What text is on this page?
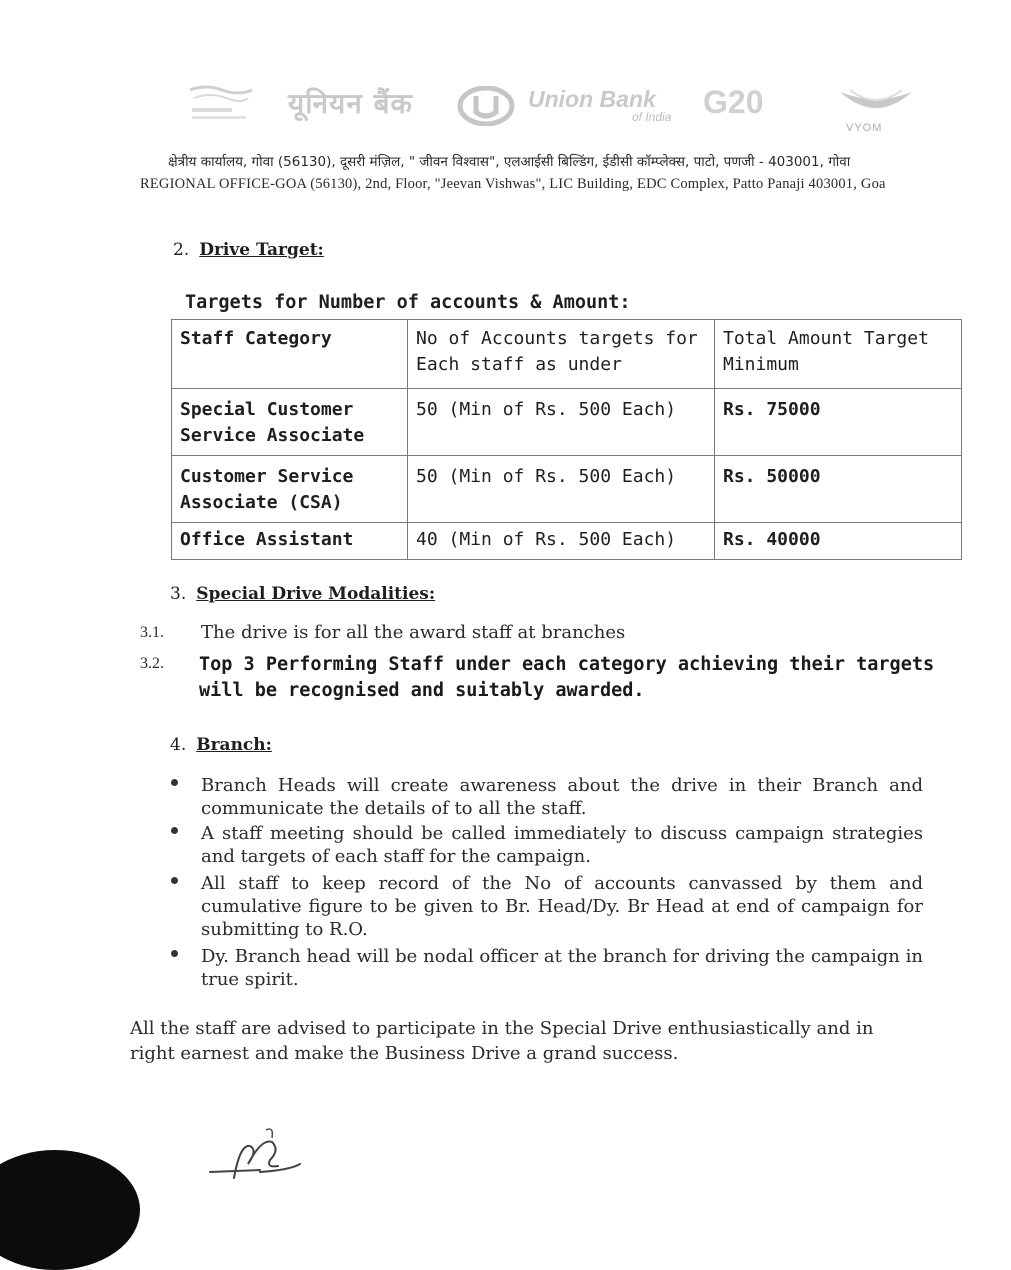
यूनियन बैंक	Union Bank
of India G20
VYOM
क्षेत्रीय कार्यालय, गोवा (56130), दूसरी मंज़िल, " जीवन विश्वास", एलआईसी बिल्डिंग, ईडीसी कॉम्प्लेक्स, पाटो, पणजी - 403001, गोवा
REGIONAL OFFICE-GOA (56130), 2nd, Floor, "Jeevan Vishwas", LIC Building, EDC Complex, Patto Panaji 403001, Goa
2. Drive Target:
Targets for Number of accounts & Amount:
Staff Category	No of Accounts targets for Each staff as under	Total Amount Target Minimum
Special Customer Service Associate	50 (Min of Rs. 500 Each)	Rs. 75000
Customer Service Associate (CSA)	50 (Min of Rs. 500 Each)	Rs. 50000
Office Assistant	40 (Min of Rs. 500 Each)	Rs. 40000
3. Special Drive Modalities:
3.1. The drive is for all the award staff at branches
3.2. Top 3 Performing Staff under each category achieving their targets will be recognised and suitably awarded.
4. Branch:
Branch Heads will create awareness about the drive in their Branch and communicate the details of to all the staff.
A staff meeting should be called immediately to discuss campaign strategies and targets of each staff for the campaign.
All staff to keep record of the No of accounts canvassed by them and cumulative figure to be given to Br. Head/Dy. Br Head at end of campaign for submitting to R.O.
Dy. Branch head will be nodal officer at the branch for driving the campaign in true spirit.
All the staff are advised to participate in the Special Drive enthusiastically and in right earnest and make the Business Drive a grand success.
